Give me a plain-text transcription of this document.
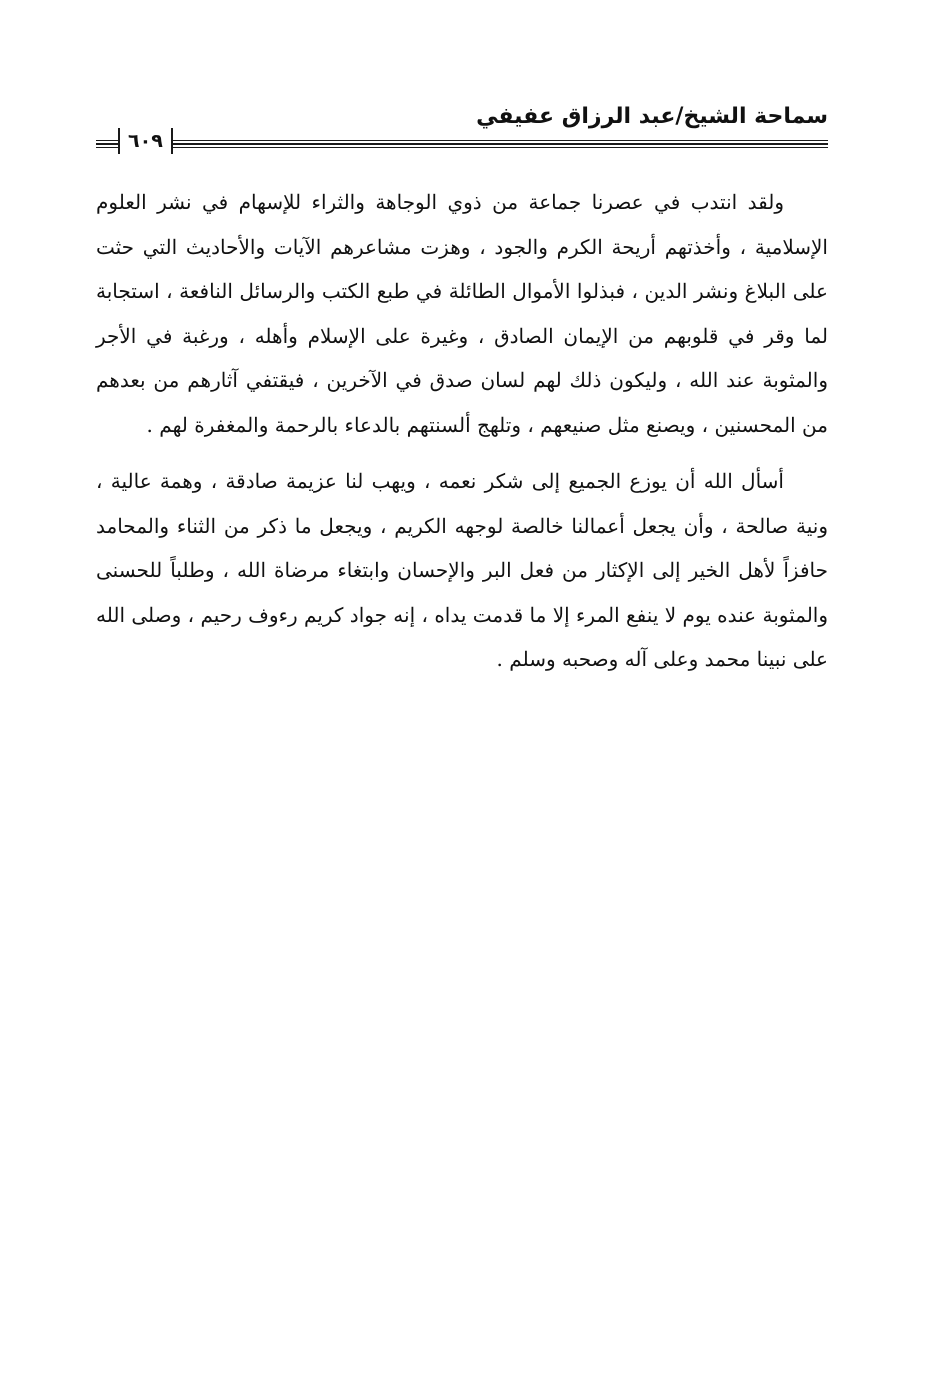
سماحة الشيخ/عبد الرزاق عفيفي
٦٠٩

ولقد انتدب في عصرنا جماعة من ذوي الوجاهة والثراء للإسهام في نشر العلوم الإسلامية ، وأخذتهم أريحة الكرم والجود ، وهزت مشاعرهم الآيات والأحاديث التي حثت على البلاغ ونشر الدين ، فبذلوا الأموال الطائلة في طبع الكتب والرسائل النافعة ، استجابة لما وقر في قلوبهم من الإيمان الصادق ، وغيرة على الإسلام وأهله ، ورغبة في الأجر والمثوبة عند الله ، وليكون ذلك لهم لسان صدق في الآخرين ، فيقتفي آثارهم من بعدهم من المحسنين ، ويصنع مثل صنيعهم ، وتلهج ألسنتهم بالدعاء بالرحمة والمغفرة لهم .

أسأل الله أن يوزع الجميع إلى شكر نعمه ، ويهب لنا عزيمة صادقة ، وهمة عالية ، ونية صالحة ، وأن يجعل أعمالنا خالصة لوجهه الكريم ، ويجعل ما ذكر من الثناء والمحامد حافزاً لأهل الخير إلى الإكثار من فعل البر والإحسان وابتغاء مرضاة الله ، وطلباً للحسنى والمثوبة عنده يوم لا ينفع المرء إلا ما قدمت يداه ، إنه جواد كريم رءوف رحيم ، وصلى الله على نبينا محمد وعلى آله وصحبه وسلم .
